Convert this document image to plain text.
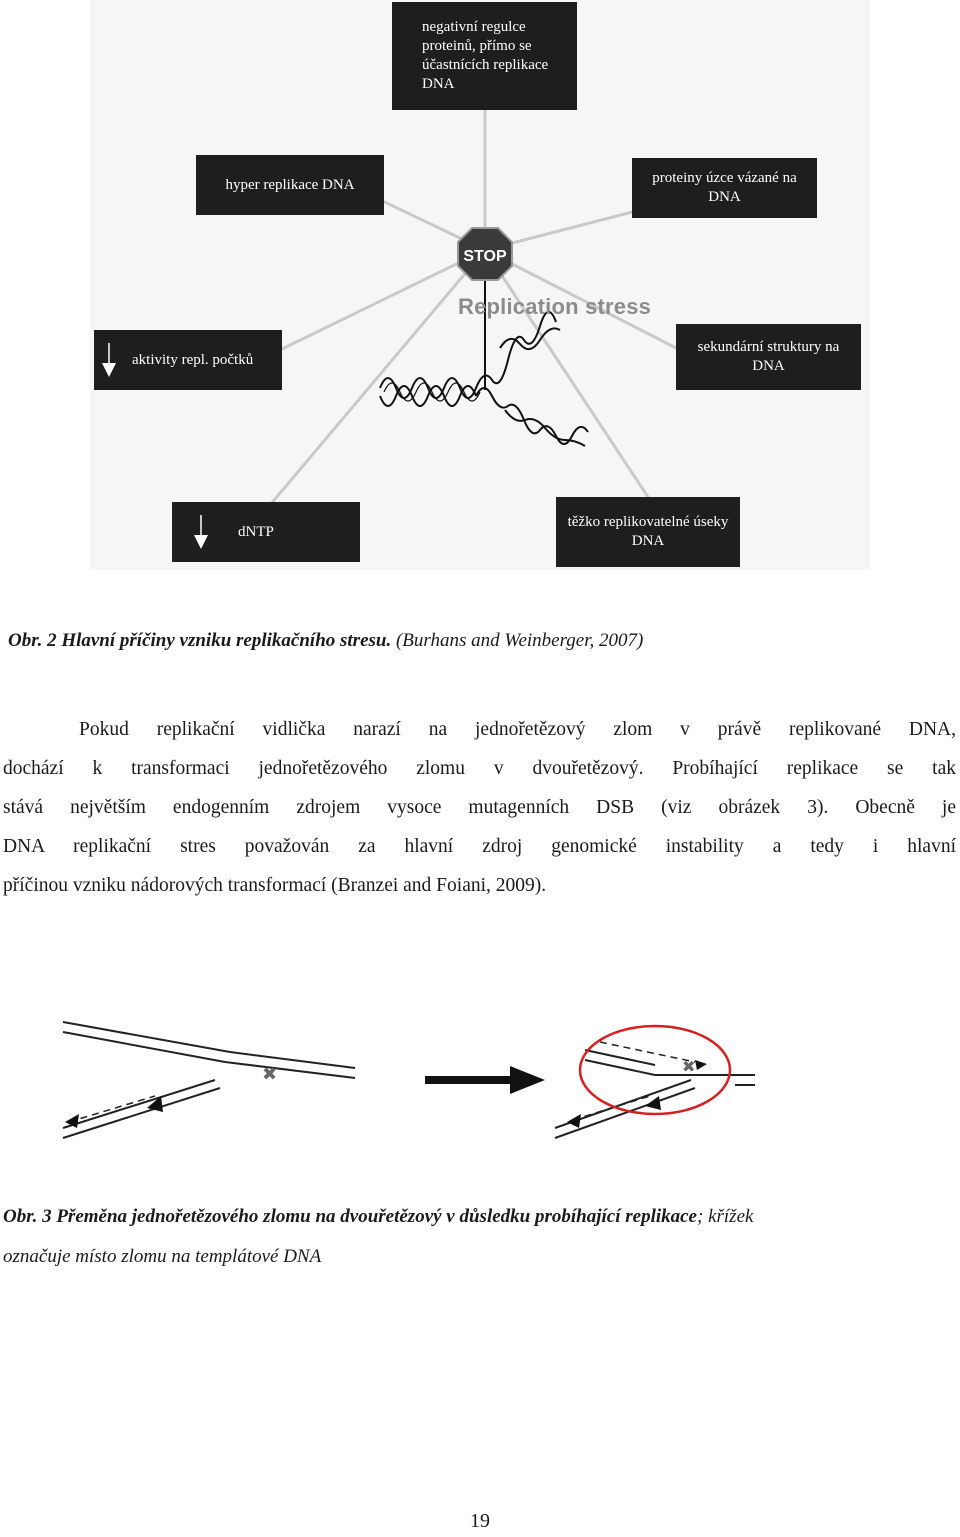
STOP
Replication stress
negativní regulce proteinů, přímo se účastnících replikace DNA
hyper replikace DNA	proteiny úzce vázané na DNA
aktivity repl. počtků
sekundární struktury na DNA
dNTP
těžko replikovatelné úseky DNA
Obr. 2 Hlavní příčiny vzniku replikačního stresu. (Burhans and Weinberger, 2007)
Pokud replikační vidlička narazí na jednořetězový zlom v právě replikované DNA,
dochází k transformaci jednořetězového zlomu v dvouřetězový. Probíhající replikace se tak
stává největším endogenním zdrojem vysoce mutagenních DSB (viz obrázek 3). Obecně je
DNA replikační stres považován za hlavní zdroj genomické instability a tedy i hlavní
příčinou vzniku nádorových transformací (Branzei and Foiani, 2009).
✖	✖
Obr. 3 Přeměna jednořetězového zlomu na dvouřetězový v důsledku probíhající replikace; křížek
označuje místo zlomu na templátové DNA
19
